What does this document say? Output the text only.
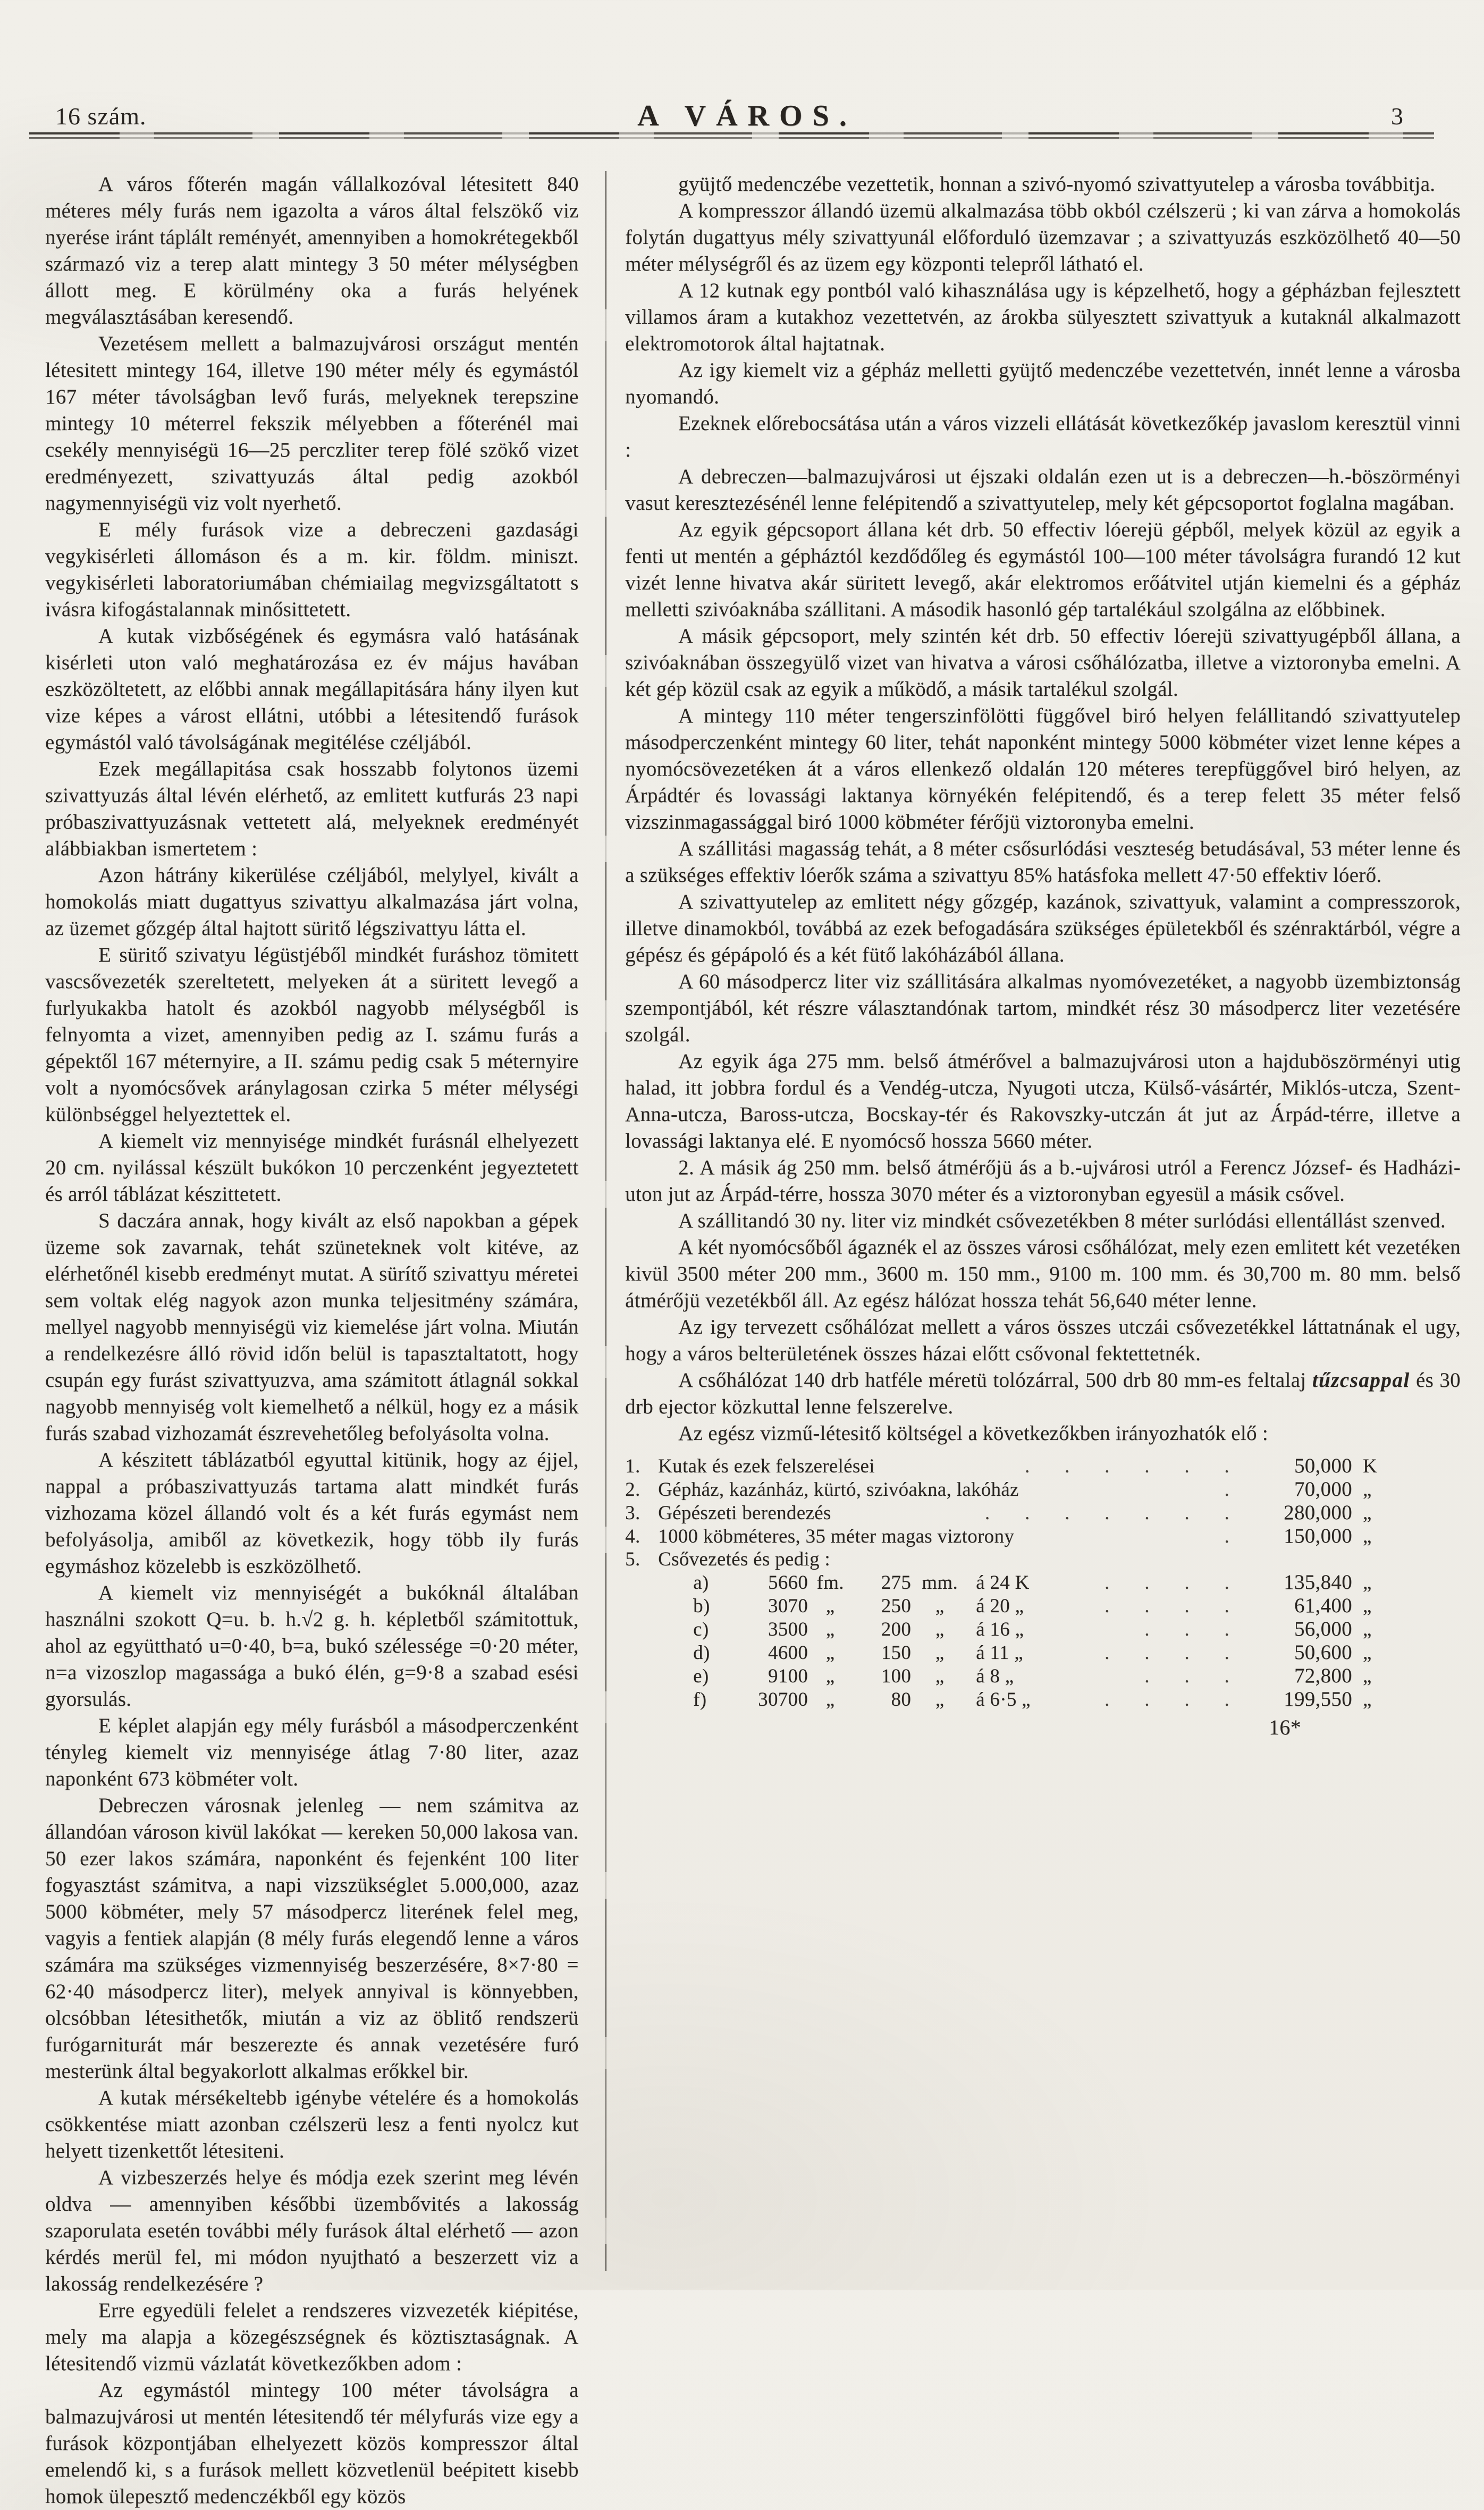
16 szám.	A VÁROS.	3

A város főterén magán vállalkozóval létesitett 840 méteres mély furás nem igazolta a város által felszökő viz nyerése iránt táplált reményét, amennyiben a homokrétegekből származó viz a terep alatt mintegy 3 50 méter mélységben állott meg. E körülmény oka a furás helyének megválasztásában keresendő.

Vezetésem mellett a balmazujvárosi országut mentén létesitett mintegy 164, illetve 190 méter mély és egymástól 167 méter távolságban levő furás, melyeknek terepszine mintegy 10 méterrel fekszik mélyebben a főterénél mai csekély mennyiségü 16—25 perczliter terep fölé szökő vizet eredményezett, szivattyuzás által pedig azokból nagymennyiségü viz volt nyerhető.

E mély furások vize a debreczeni gazdasági vegykisérleti állomáson és a m. kir. földm. miniszt. vegykisérleti laboratoriumában chémiailag megvizsgáltatott s ivásra kifogástalannak minősittetett.

A kutak vizbőségének és egymásra való hatásának kisérleti uton való meghatározása ez év május havában eszközöltetett, az előbbi annak megállapitására hány ilyen kut vize képes a várost ellátni, utóbbi a létesitendő furások egymástól való távolságának megitélése czéljából.

Ezek megállapitása csak hosszabb folytonos üzemi szivattyuzás által lévén elérhető, az emlitett kutfurás 23 napi próbaszivattyuzásnak vettetett alá, melyeknek eredményét alábbiakban ismertetem :

Azon hátrány kikerülése czéljából, melylyel, kivált a homokolás miatt dugattyus szivattyu alkalmazása járt volna, az üzemet gőzgép által hajtott süritő légszivattyu látta el.

E süritő szivatyu légüstjéből mindkét furáshoz tömitett vascsővezeték szereltetett, melyeken át a süritett levegő a furlyukakba hatolt és azokból nagyobb mélységből is felnyomta a vizet, amennyiben pedig az I. számu furás a gépektől 167 méternyire, a II. számu pedig csak 5 méternyire volt a nyomócsővek aránylagosan czirka 5 méter mélységi különbséggel helyeztettek el.

A kiemelt viz mennyisége mindkét furásnál elhelyezett 20 cm. nyilással készült bukókon 10 perczenként jegyeztetett és arról táblázat készittetett.

S daczára annak, hogy kivált az első napokban a gépek üzeme sok zavarnak, tehát szüneteknek volt kitéve, az elérhetőnél kisebb eredményt mutat. A sürítő szivattyu méretei sem voltak elég nagyok azon munka teljesitmény számára, mellyel nagyobb mennyiségü viz kiemelése járt volna. Miután a rendelkezésre álló rövid időn belül is tapasztaltatott, hogy csupán egy furást szivattyuzva, ama számitott átlagnál sokkal nagyobb mennyiség volt kiemelhető a nélkül, hogy ez a másik furás szabad vizhozamát észrevehetőleg befolyásolta volna.

A készitett táblázatból egyuttal kitünik, hogy az éjjel, nappal a próbaszivattyuzás tartama alatt mindkét furás vizhozama közel állandó volt és a két furás egymást nem befolyásolja, amiből az következik, hogy több ily furás egymáshoz közelebb is eszközölhető.

A kiemelt viz mennyiségét a bukóknál általában használni szokott Q=u. b. h.√2 g. h. képletből számitottuk, ahol az együttható u=0·40, b=a, bukó szélessége =0·20 méter, n=a vizoszlop magassága a bukó élén, g=9·8 a szabad esési gyorsulás.

E képlet alapján egy mély furásból a másodperczenként tényleg kiemelt viz mennyisége átlag 7·80 liter, azaz naponként 673 köbméter volt.

Debreczen városnak jelenleg — nem számitva az állandóan városon kivül lakókat — kereken 50,000 lakosa van. 50 ezer lakos számára, naponként és fejenként 100 liter fogyasztást számitva, a napi vizszükséglet 5.000,000, azaz 5000 köbméter, mely 57 másodpercz literének felel meg, vagyis a fentiek alapján (8 mély furás elegendő lenne a város számára ma szükséges vizmennyiség beszerzésére, 8×7·80 = 62·40 másodpercz liter), melyek annyival is könnyebben, olcsóbban létesithetők, miután a viz az öblitő rendszerü furógarniturát már beszerezte és annak vezetésére furó mesterünk által begyakorlott alkalmas erőkkel bir.

A kutak mérsékeltebb igénybe vételére és a homokolás csökkentése miatt azonban czélszerü lesz a fenti nyolcz kut helyett tizenkettőt létesiteni.

A vizbeszerzés helye és módja ezek szerint meg lévén oldva — amennyiben későbbi üzembővités a lakosság szaporulata esetén további mély furások által elérhető — azon kérdés merül fel, mi módon nyujtható a beszerzett viz a lakosság rendelkezésére ?

Erre egyedüli felelet a rendszeres vizvezeték kiépitése, mely ma alapja a közegészségnek és köztisztaságnak. A létesitendő vizmü vázlatát következőkben adom :

Az egymástól mintegy 100 méter távolságra a balmazujvárosi ut mentén létesitendő tér mélyfurás vize egy a furások központjában elhelyezett közös kompresszor által emelendő ki, s a furások mellett közvetlenül beépitett kisebb homok ülepesztő medenczékből egy közös

gyüjtő medenczébe vezettetik, honnan a szivó-nyomó szivattyutelep a városba továbbitja.

A kompresszor állandó üzemü alkalmazása több okból czélszerü ; ki van zárva a homokolás folytán dugattyus mély szivattyunál előforduló üzemzavar ; a szivattyuzás eszközölhető 40—50 méter mélységről és az üzem egy központi telepről látható el.

A 12 kutnak egy pontból való kihasználása ugy is képzelhető, hogy a gépházban fejlesztett villamos áram a kutakhoz vezettetvén, az árokba sülyesztett szivattyuk a kutaknál alkalmazott elektromotorok által hajtatnak.

Az igy kiemelt viz a gépház melletti gyüjtő medenczébe vezettetvén, innét lenne a városba nyomandó.

Ezeknek előrebocsátása után a város vizzeli ellátását következőkép javaslom keresztül vinni :

A debreczen—balmazujvárosi ut éjszaki oldalán ezen ut is a debreczen—h.-böszörményi vasut keresztezésénél lenne felépitendő a szivattyutelep, mely két gépcsoportot foglalna magában.

Az egyik gépcsoport állana két drb. 50 effectiv lóerejü gépből, melyek közül az egyik a fenti ut mentén a gépháztól kezdődőleg és egymástól 100—100 méter távolságra furandó 12 kut vizét lenne hivatva akár süritett levegő, akár elektromos erőátvitel utján kiemelni és a gépház melletti szivóaknába szállitani. A második hasonló gép tartalékául szolgálna az előbbinek.

A másik gépcsoport, mely szintén két drb. 50 effectiv lóerejü szivattyugépből állana, a szivóaknában összegyülő vizet van hivatva a városi csőhálózatba, illetve a viztoronyba emelni. A két gép közül csak az egyik a működő, a másik tartalékul szolgál.

A mintegy 110 méter tengerszinfölötti függővel biró helyen felállitandó szivattyutelep másodperczenként mintegy 60 liter, tehát naponként mintegy 5000 köbméter vizet lenne képes a nyomócsövezetéken át a város ellenkező oldalán 120 méteres terepfüggővel biró helyen, az Árpádtér és lovassági laktanya környékén felépitendő, és a terep felett 35 méter felső vizszinmagassággal biró 1000 köbméter férőjü viztoronyba emelni.

A szállitási magasság tehát, a 8 méter csősurlódási veszteség betudásával, 53 méter lenne és a szükséges effektiv lóerők száma a szivattyu 85% hatásfoka mellett 47·50 effektiv lóerő.

A szivattyutelep az emlitett négy gőzgép, kazánok, szivattyuk, valamint a compresszorok, illetve dinamokból, továbbá az ezek befogadására szükséges épületekből és szénraktárból, végre a gépész és gépápoló és a két fütő lakóházából állana.

A 60 másodpercz liter viz szállitására alkalmas nyomóvezetéket, a nagyobb üzembiztonság szempontjából, két részre választandónak tartom, mindkét rész 30 másodpercz liter vezetésére szolgál.

Az egyik ága 275 mm. belső átmérővel a balmazujvárosi uton a hajduböszörményi utig halad, itt jobbra fordul és a Vendég-utcza, Nyugoti utcza, Külső-vásártér, Miklós-utcza, Szent-Anna-utcza, Baross-utcza, Bocskay-tér és Rakovszky-utczán át jut az Árpád-térre, illetve a lovassági laktanya elé. E nyomócső hossza 5660 méter.

2. A másik ág 250 mm. belső átmérőjü ás a b.-ujvárosi utról a Ferencz József- és Hadházi-uton jut az Árpád-térre, hossza 3070 méter és a viztoronyban egyesül a másik csővel.

A szállitandó 30 ny. liter viz mindkét csővezetékben 8 méter surlódási ellentállást szenved.

A két nyomócsőből ágaznék el az összes városi csőhálózat, mely ezen emlitett két vezetéken kivül 3500 méter 200 mm., 3600 m. 150 mm., 9100 m. 100 mm. és 30,700 m. 80 mm. belső átmérőjü vezetékből áll. Az egész hálózat hossza tehát 56,640 méter lenne.

Az igy tervezett csőhálózat mellett a város összes utczái csővezetékkel láttatnának el ugy, hogy a város belterületének összes házai előtt csővonal fektettetnék.

A csőhálózat 140 drb hatféle méretü tolózárral, 500 drb 80 mm-es feltalaj tűzcsappal és 30 drb ejector közkuttal lenne felszerelve.

Az egész vizmű-létesitő költségel a következőkben irányozhatók elő :

1. Kutak és ezek felszerelései	. . . . . .	50,000 K
2. Gépház, kazánház, kürtó, szivóakna, lakóház	.	70,000 „
3. Gépészeti berendezés	. . . . . . .	280,000 „
4. 1000 köbméteres, 35 méter magas viztorony	.	150,000 „
5. Csővezetés és pedig :
a)	5660 fm.	275 mm. á 24 K	. . . .	135,840 „
b)	3070 „	250	„	á 20 „	. . . .	61,400 „
c)	3500 „	200	„	á 16 „	. . .	56,000 „
d)	4600 „	150	„	á 11 „	. . . .	50,600 „
e)	9100 „	100	„	á 8 „	. . .	72,800 „
f)	30700 „	80	„	á 6·5 „	. . . .	199,550 „

16*
